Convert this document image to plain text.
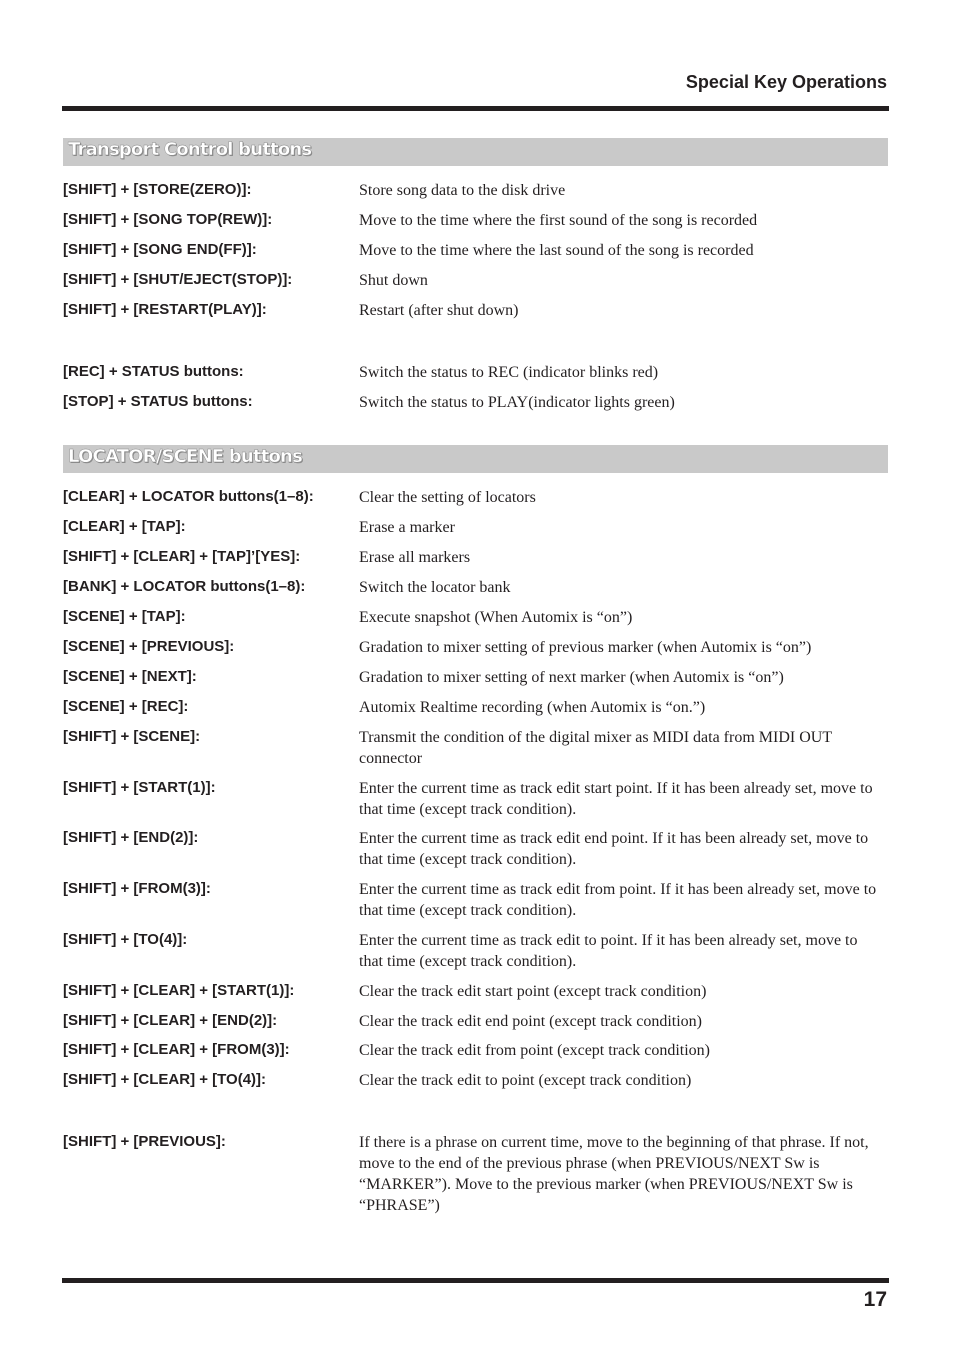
Special Key Operations
Transport Control buttons
[SHIFT] + [STORE(ZERO)]:	Store song data to the disk drive
[SHIFT] + [SONG TOP(REW)]:	Move to the time where the first sound of the song is recorded
[SHIFT] + [SONG END(FF)]:	Move to the time where the last sound of the song is recorded
[SHIFT] + [SHUT/EJECT(STOP)]:	Shut down
[SHIFT] + [RESTART(PLAY)]:	Restart (after shut down)
[REC] + STATUS buttons:	Switch the status to REC (indicator blinks red)
[STOP] + STATUS buttons:	Switch the status to PLAY(indicator lights green)
LOCATOR/SCENE buttons
[CLEAR] + LOCATOR buttons(1–8):	Clear the setting of locators
[CLEAR] + [TAP]:	Erase a marker
[SHIFT] + [CLEAR] + [TAP]’[YES]:	Erase all markers
[BANK] + LOCATOR buttons(1–8):	Switch the locator bank
[SCENE] + [TAP]:	Execute snapshot (When Automix is “on”)
[SCENE] + [PREVIOUS]:	Gradation to mixer setting of previous marker (when Automix is “on”)
[SCENE] + [NEXT]:	Gradation to mixer setting of next marker (when Automix is “on”)
[SCENE] + [REC]:	Automix Realtime recording (when Automix is “on.”)
[SHIFT] + [SCENE]:	Transmit the condition of the digital mixer as MIDI data from MIDI OUT connector
[SHIFT] + [START(1)]:	Enter the current time as track edit start point. If it has been already set, move to that time (except track condition).
[SHIFT] + [END(2)]:	Enter the current time as track edit end point. If it has been already set, move to that time (except track condition).
[SHIFT] + [FROM(3)]:	Enter the current time as track edit from point. If it has been already set, move to that time (except track condition).
[SHIFT] + [TO(4)]:	Enter the current time as track edit to point. If it has been already set, move to that time (except track condition).
[SHIFT] + [CLEAR] + [START(1)]:	Clear the track edit start point (except track condition)
[SHIFT] + [CLEAR] + [END(2)]:	Clear the track edit end point (except track condition)
[SHIFT] + [CLEAR] + [FROM(3)]:	Clear the track edit from point (except track condition)
[SHIFT] + [CLEAR] + [TO(4)]:	Clear the track edit to point (except track condition)
[SHIFT] + [PREVIOUS]:	If there is a phrase on current time, move to the beginning of that phrase. If not, move to the end of the previous phrase (when PREVIOUS/NEXT Sw is “MARKER”). Move to the previous marker (when PREVIOUS/NEXT Sw is “PHRASE”)
17
